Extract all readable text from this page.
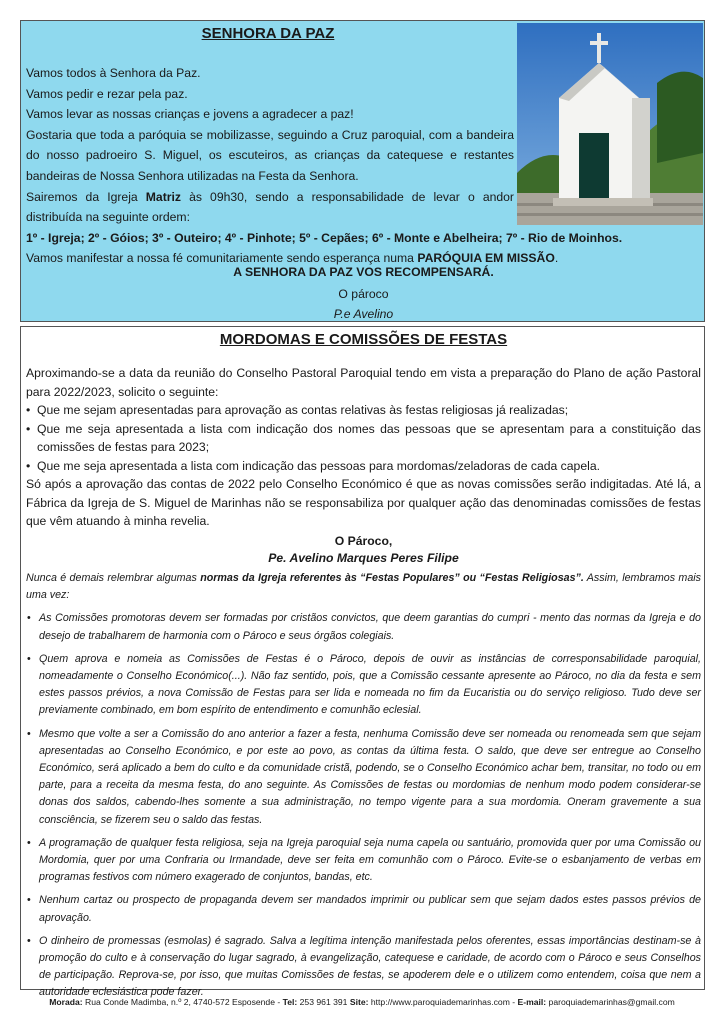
SENHORA DA PAZ

Vamos todos à Senhora da Paz.

Vamos pedir e rezar pela paz.

Vamos levar as nossas crianças e jovens a agradecer a paz!

Gostaria que toda a paróquia se mobilizasse, seguindo a Cruz paroquial, com a bandeira do nosso padroeiro S. Miguel, os escuteiros, as crianças da catequese e restantes bandeiras de Nossa Senhora utilizadas na Festa da Senhora.

Sairemos da Igreja Matriz às 09h30, sendo a responsabilidade de levar o andor distribuída na seguinte ordem:

1º - Igreja; 2º - Góios; 3º - Outeiro; 4º - Pinhote; 5º - Cepães; 6º - Monte e Abelheira; 7º - Rio de Moinhos.

Vamos manifestar a nossa fé comunitariamente sendo esperança numa PARÓQUIA EM MISSÃO.

A SENHORA DA PAZ VOS RECOMPENSARÁ.
O pároco
P.e Avelino
MORDOMAS E COMISSÕES DE FESTAS

Aproximando-se a data da reunião do Conselho Pastoral Paroquial tendo em vista a preparação do Plano de ação Pastoral para 2022/2023, solicito o seguinte:

• Que me sejam apresentadas para aprovação as contas relativas às festas religiosas já realizadas;

• Que me seja apresentada a lista com indicação dos nomes das pessoas que se apresentam para a constituição das comissões de festas para 2023;

• Que me seja apresentada a lista com indicação das pessoas para mordomas/zeladoras de cada capela.

Só após a aprovação das contas de 2022 pelo Conselho Económico é que as novas comissões serão indigitadas. Até lá, a Fábrica da Igreja de S. Miguel de Marinhas não se responsabiliza por qualquer ação das denominadas comissões de festas que vêm atuando à minha revelia.

O Pároco,
Pe. Avelino Marques Peres Filipe

Nunca é demais relembrar algumas normas da Igreja referentes às “Festas Populares” ou “Festas Religiosas”. Assim, lembramos mais uma vez:

• As Comissões promotoras devem ser formadas por cristãos convictos, que deem garantias do cumpri - mento das normas da Igreja e do desejo de trabalharem de harmonia com o Pároco e seus órgãos colegiais.

• Quem aprova e nomeia as Comissões de Festas é o Pároco, depois de ouvir as instâncias de corresponsabilidade paroquial, nomeadamente o Conselho Económico(...). Não faz sentido, pois, que a Comissão cessante apresente ao Pároco, no dia da festa e sem estes passos prévios, a nova Comissão de Festas para ser lida e nomeada no fim da Eucaristia ou do serviço religioso. Tudo deve ser previamente combinado, em bom espírito de entendimento e comunhão eclesial.

• Mesmo que volte a ser a Comissão do ano anterior a fazer a festa, nenhuma Comissão deve ser nomeada ou renomeada sem que sejam apresentadas ao Conselho Económico, e por este ao povo, as contas da última festa. O saldo, que deve ser entregue ao Conselho Económico, será aplicado a bem do culto e da comunidade cristã, podendo, se o Conselho Económico achar bem, transitar, no todo ou em parte, para a receita da mesma festa, do ano seguinte. As Comissões de festas ou mordomias de nenhum modo podem considerar-se donas dos saldos, cabendo-lhes somente a sua administração, no tempo vigente para a sua mordomia. Oneram gravemente a sua consciência, se fizerem seu o saldo das festas.

• A programação de qualquer festa religiosa, seja na Igreja paroquial seja numa capela ou santuário, promovida quer por uma Comissão ou Mordomia, quer por uma Confraria ou Irmandade, deve ser feita em comunhão com o Pároco. Evite-se o esbanjamento de verbas em programas festivos com número exagerado de conjuntos, bandas, etc.

• Nenhum cartaz ou prospecto de propaganda devem ser mandados imprimir ou publicar sem que sejam dados estes passos prévios de aprovação.

• O dinheiro de promessas (esmolas) é sagrado. Salva a legítima intenção manifestada pelos oferentes, essas importâncias destinam-se à promoção do culto e à conservação do lugar sagrado, à evangelização, catequese e caridade, de acordo com o Pároco e seus Conselhos de participação. Reprova-se, por isso, que muitas Comissões de festas, se apoderem dele e o utilizem como entendem, coisa que nem a autoridade eclesiástica pode fazer.

Morada: Rua Conde Madimba, n.º 2, 4740-572 Esposende - Tel: 253 961 391 Site: http://www.paroquiademarinhas.com - E-mail: paroquiademarinhas@gmail.com
